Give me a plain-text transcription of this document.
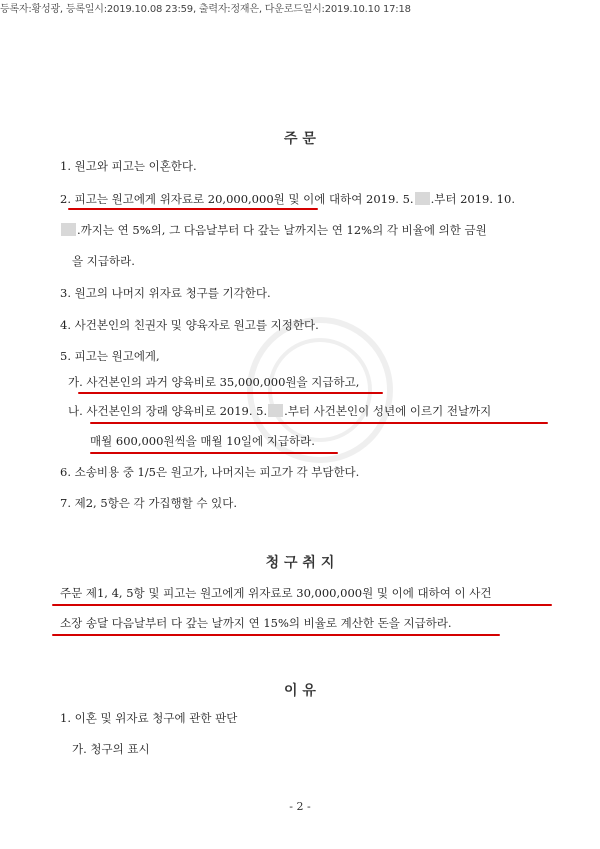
등록자:황성광, 등록일시:2019.10.08 23:59, 출력자:정재은, 다운로드일시:2019.10.10 17:18
주 문
1. 원고와 피고는 이혼한다.
2. 피고는 원고에게 위자료로 20,000,000원 및 이에 대하여 2019. 5. .부터 2019. 10.
.까지는 연 5%의, 그 다음날부터 다 갚는 날까지는 연 12%의 각 비율에 의한 금원
을 지급하라.
3. 원고의 나머지 위자료 청구를 기각한다.
4. 사건본인의 친권자 및 양육자로 원고를 지정한다.
5. 피고는 원고에게,
가. 사건본인의 과거 양육비로 35,000,000원을 지급하고,
나. 사건본인의 장래 양육비로 2019. 5. .부터 사건본인이 성년에 이르기 전날까지
매월 600,000원씩을 매월 10일에 지급하라.
6. 소송비용 중 1/5은 원고가, 나머지는 피고가 각 부담한다.
7. 제2, 5항은 각 가집행할 수 있다.
청 구 취 지
주문 제1, 4, 5항 및 피고는 원고에게 위자료로 30,000,000원 및 이에 대하여 이 사건
소장 송달 다음날부터 다 갚는 날까지 연 15%의 비율로 계산한 돈을 지급하라.
이 유
1. 이혼 및 위자료 청구에 관한 판단
가. 청구의 표시
- 2 -
